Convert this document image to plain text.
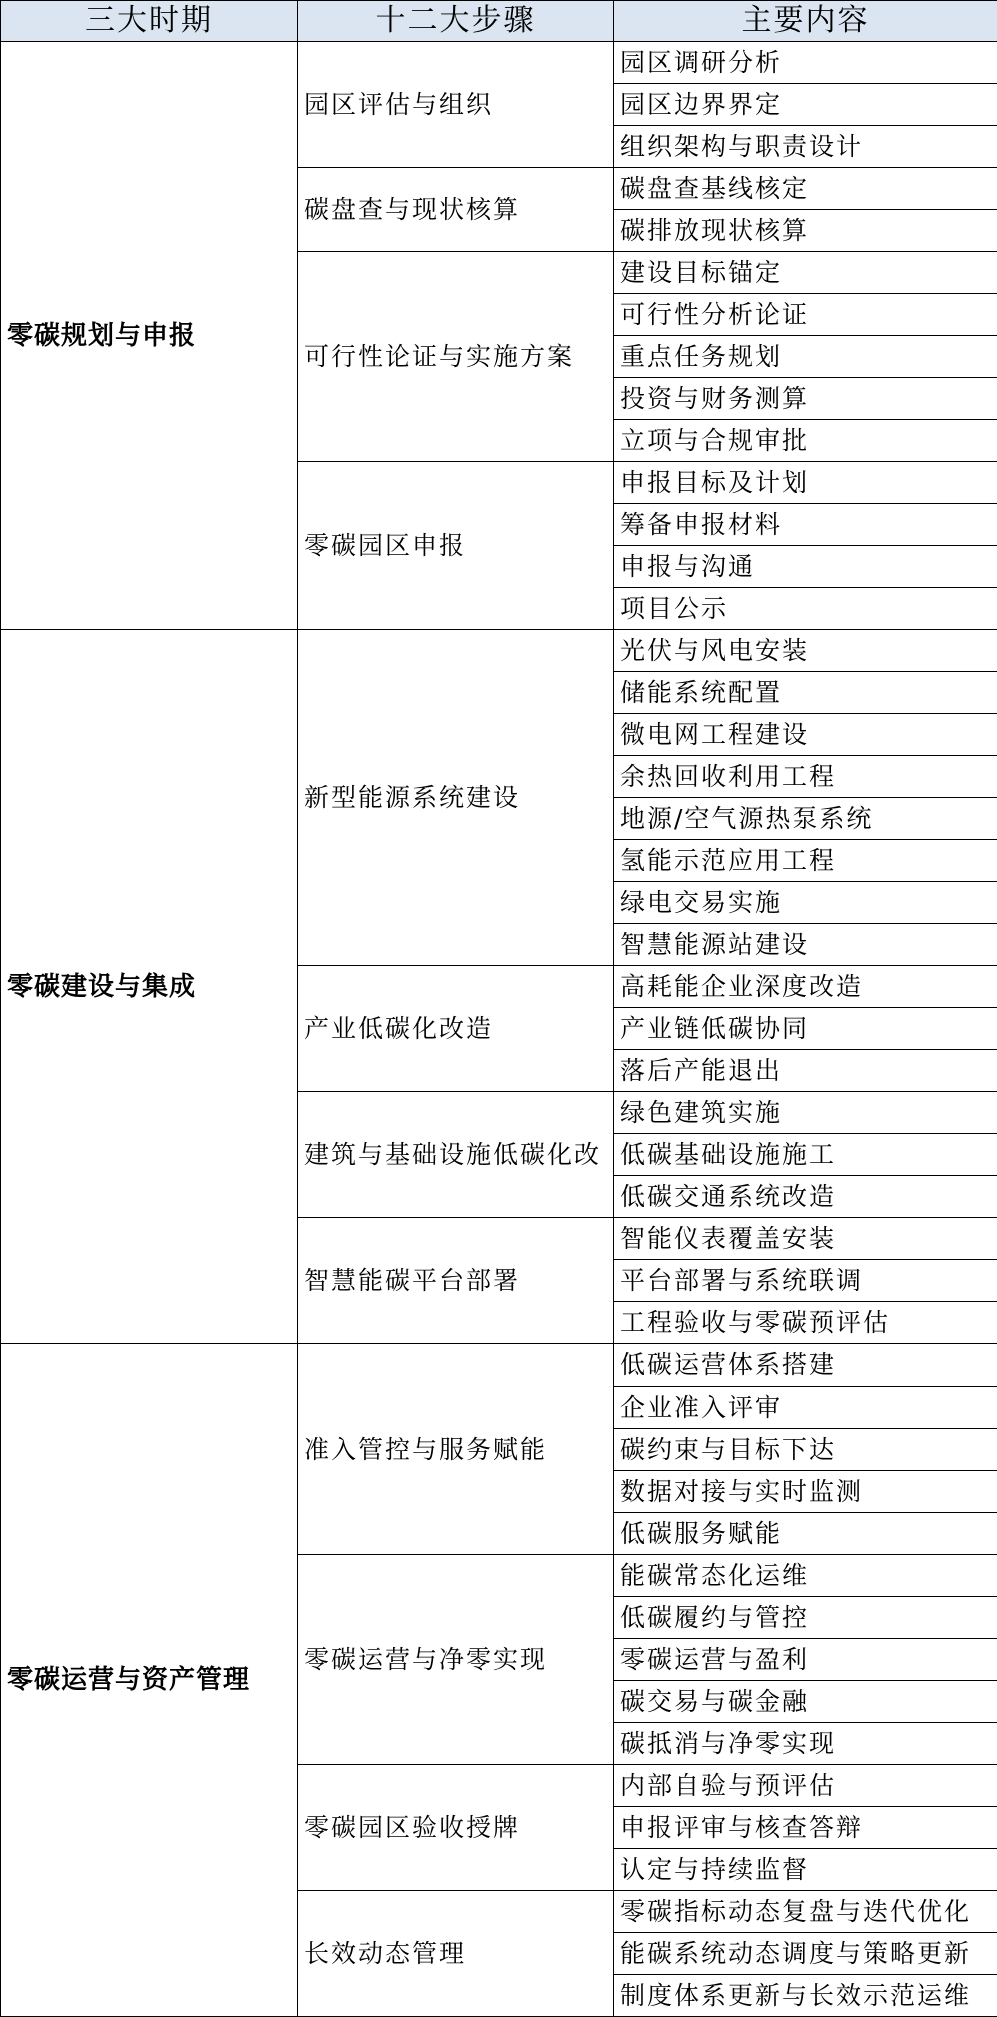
三大时期	十二大步骤	主要内容
零碳规划与申报	园区评估与组织	园区调研分析
		园区边界界定
		组织架构与职责设计
	碳盘查与现状核算	碳盘查基线核定
		碳排放现状核算
	可行性论证与实施方案	建设目标锚定
		可行性分析论证
		重点任务规划
		投资与财务测算
		立项与合规审批
	零碳园区申报	申报目标及计划
		筹备申报材料
		申报与沟通
		项目公示
零碳建设与集成	新型能源系统建设	光伏与风电安装
		储能系统配置
		微电网工程建设
		余热回收利用工程
		地源/空气源热泵系统
		氢能示范应用工程
		绿电交易实施
		智慧能源站建设
	产业低碳化改造	高耗能企业深度改造
		产业链低碳协同
		落后产能退出
	建筑与基础设施低碳化改	绿色建筑实施
		低碳基础设施施工
		低碳交通系统改造
	智慧能碳平台部署	智能仪表覆盖安装
		平台部署与系统联调
		工程验收与零碳预评估
零碳运营与资产管理	准入管控与服务赋能	低碳运营体系搭建
		企业准入评审
		碳约束与目标下达
		数据对接与实时监测
		低碳服务赋能
	零碳运营与净零实现	能碳常态化运维
		低碳履约与管控
		零碳运营与盈利
		碳交易与碳金融
		碳抵消与净零实现
	零碳园区验收授牌	内部自验与预评估
		申报评审与核查答辩
		认定与持续监督
	长效动态管理	零碳指标动态复盘与迭代优化
		能碳系统动态调度与策略更新
		制度体系更新与长效示范运维
